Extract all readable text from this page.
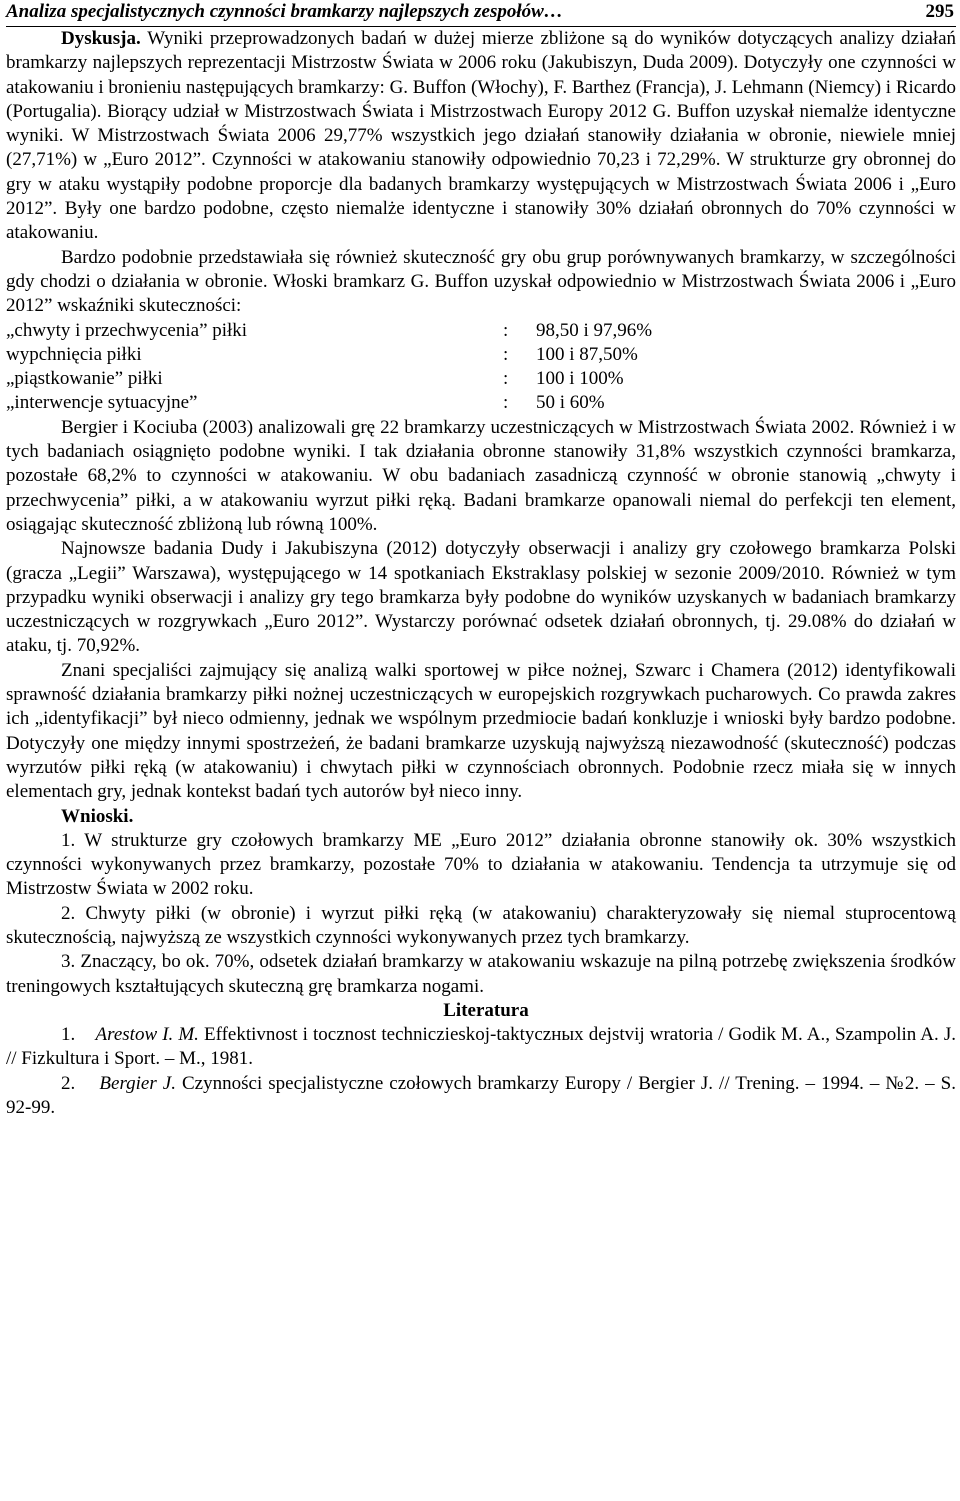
Analiza specjalistycznych czynności bramkarzy najlepszych zespołów…	295

Dyskusja. Wyniki przeprowadzonych badań w dużej mierze zbliżone są do wyników dotyczących analizy działań bramkarzy najlepszych reprezentacji Mistrzostw Świata w 2006 roku (Jakubiszyn, Duda 2009). Dotyczyły one czynności w atakowaniu i bronieniu następujących bramkarzy: G. Buffon (Włochy), F. Barthez (Francja), J. Lehmann (Niemcy) i Ricardo (Portugalia). Biorący udział w Mistrzostwach Świata i Mistrzostwach Europy 2012 G. Buffon uzyskał niemalże identyczne wyniki. W Mistrzostwach Świata 2006 29,77% wszystkich jego działań stanowiły działania w obronie, niewiele mniej (27,71%) w „Euro 2012”. Czynności w atakowaniu stanowiły odpowiednio 70,23 i 72,29%. W strukturze gry obronnej do gry w ataku wystąpiły podobne proporcje dla badanych bramkarzy występujących w Mistrzostwach Świata 2006 i „Euro 2012”. Były one bardzo podobne, często niemalże identyczne i stanowiły 30% działań obronnych do 70% czynności w atakowaniu.

Bardzo podobnie przedstawiała się również skuteczność gry obu grup porównywanych bramkarzy, w szczególności gdy chodzi o działania w obronie. Włoski bramkarz G. Buffon uzyskał odpowiednio w Mistrzostwach Świata 2006 i „Euro 2012” wskaźniki skuteczności:

„chwyty i przechwycenia” piłki	:	98,50 i 97,96%
wypchnięcia piłki	:	100 i 87,50%
„piąstkowanie” piłki	:	100 i 100%
„interwencje sytuacyjne”	:	50 i 60%

Bergier i Kociuba (2003) analizowali grę 22 bramkarzy uczestniczących w Mistrzostwach Świata 2002. Również i w tych badaniach osiągnięto podobne wyniki. I tak działania obronne stanowiły 31,8% wszystkich czynności bramkarza, pozostałe 68,2% to czynności w atakowaniu. W obu badaniach zasadniczą czynność w obronie stanowią „chwyty i przechwycenia” piłki, a w atakowaniu wyrzut piłki ręką. Badani bramkarze opanowali niemal do perfekcji ten element, osiągając skuteczność zbliżoną lub równą 100%.

Najnowsze badania Dudy i Jakubiszyna (2012) dotyczyły obserwacji i analizy gry czołowego bramkarza Polski (gracza „Legii” Warszawa), występującego w 14 spotkaniach Ekstraklasy polskiej w sezonie 2009/2010. Również w tym przypadku wyniki obserwacji i analizy gry tego bramkarza były podobne do wyników uzyskanych w badaniach bramkarzy uczestniczących w rozgrywkach „Euro 2012”. Wystarczy porównać odsetek działań obronnych, tj. 29.08% do działań w ataku, tj. 70,92%.

Znani specjaliści zajmujący się analizą walki sportowej w piłce nożnej, Szwarc i Chamera (2012) identyfikowali sprawność działania bramkarzy piłki nożnej uczestniczących w europejskich rozgrywkach pucharowych. Co prawda zakres ich „identyfikacji” był nieco odmienny, jednak we wspólnym przedmiocie badań konkluzje i wnioski były bardzo podobne. Dotyczyły one między innymi spostrzeżeń, że badani bramkarze uzyskują najwyższą niezawodność (skuteczność) podczas wyrzutów piłki ręką (w atakowaniu) i chwytach piłki w czynnościach obronnych. Podobnie rzecz miała się w innych elementach gry, jednak kontekst badań tych autorów był nieco inny.

Wnioski.

1. W strukturze gry czołowych bramkarzy ME „Euro 2012” działania obronne stanowiły ok. 30% wszystkich czynności wykonywanych przez bramkarzy, pozostałe 70% to działania w atakowaniu. Tendencja ta utrzymuje się od Mistrzostw Świata w 2002 roku.

2. Chwyty piłki (w obronie) i wyrzut piłki ręką (w atakowaniu) charakteryzowały się niemal stuprocentową skutecznością, najwyższą ze wszystkich czynności wykonywanych przez tych bramkarzy.

3. Znaczący, bo ok. 70%, odsetek działań bramkarzy w atakowaniu wskazuje na pilną potrzebę zwiększenia środków treningowych kształtujących skuteczną grę bramkarza nogami.

Literatura

1. Arestow I. M. Effektivnost i tocznost techniczieskoj-taktyczных dejstvij wratoria / Godik M. A., Szampolin A. J. // Fizkultura i Sport. – M., 1981.

2. Bergier J. Czynności specjalistyczne czołowych bramkarzy Europy / Bergier J. // Trening. – 1994. – №2. – S. 92-99.
